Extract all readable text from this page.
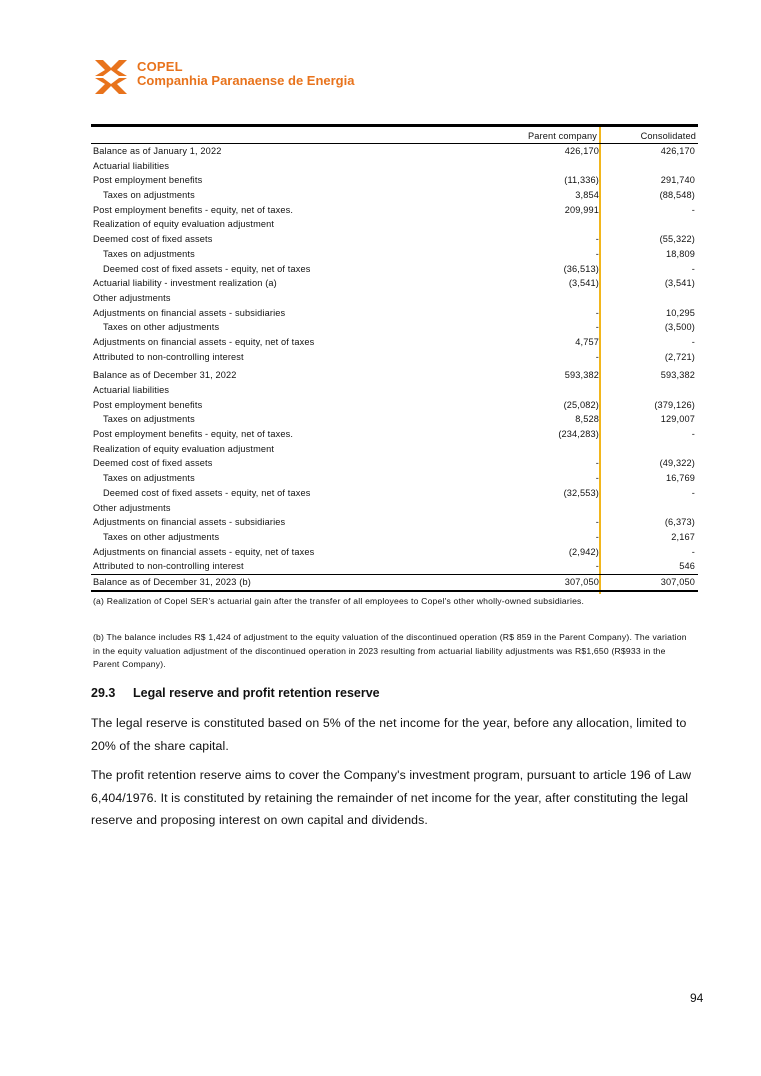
COPEL
Companhia Paranaense de Energia
Parent company	Consolidated
Balance as of January 1, 2022	426,170	426,170
Actuarial liabilities
Post employment benefits	(11,336)	291,740
Taxes on adjustments	3,854	(88,548)
Post employment benefits - equity, net of taxes.	209,991	-
Realization of equity evaluation adjustment
Deemed cost of fixed assets	-	(55,322)
Taxes on adjustments	-	18,809
Deemed cost of fixed assets - equity, net of taxes	(36,513)	-
Actuarial liability - investment realization (a)	(3,541)	(3,541)
Other adjustments
Adjustments on financial assets - subsidiaries	-	10,295
Taxes on other adjustments	-	(3,500)
Adjustments on financial assets - equity, net of taxes	4,757	-
Attributed to non-controlling interest	-	(2,721)
Balance as of December 31, 2022	593,382	593,382
Actuarial liabilities
Post employment benefits	(25,082)	(379,126)
Taxes on adjustments	8,528	129,007
Post employment benefits - equity, net of taxes.	(234,283)	-
Realization of equity evaluation adjustment
Deemed cost of fixed assets	-	(49,322)
Taxes on adjustments	-	16,769
Deemed cost of fixed assets - equity, net of taxes	(32,553)	-
Other adjustments
Adjustments on financial assets - subsidiaries	-	(6,373)
Taxes on other adjustments	-	2,167
Adjustments on financial assets - equity, net of taxes	(2,942)	-
Attributed to non-controlling interest	-	546
Balance as of December 31, 2023 (b)	307,050	307,050
(a) Realization of Copel SER's actuarial gain after the transfer of all employees to Copel's other wholly-owned subsidiaries.
(b) The balance includes R$ 1,424 of adjustment to the equity valuation of the discontinued operation (R$ 859 in the Parent Company). The variation in the equity valuation adjustment of the discontinued operation in 2023 resulting from actuarial liability adjustments was R$1,650 (R$933 in the Parent Company).
29.3 Legal reserve and profit retention reserve
The legal reserve is constituted based on 5% of the net income for the year, before any allocation, limited to 20% of the share capital.
The profit retention reserve aims to cover the Company's investment program, pursuant to article 196 of Law 6,404/1976. It is constituted by retaining the remainder of net income for the year, after constituting the legal reserve and proposing interest on own capital and dividends.
94
